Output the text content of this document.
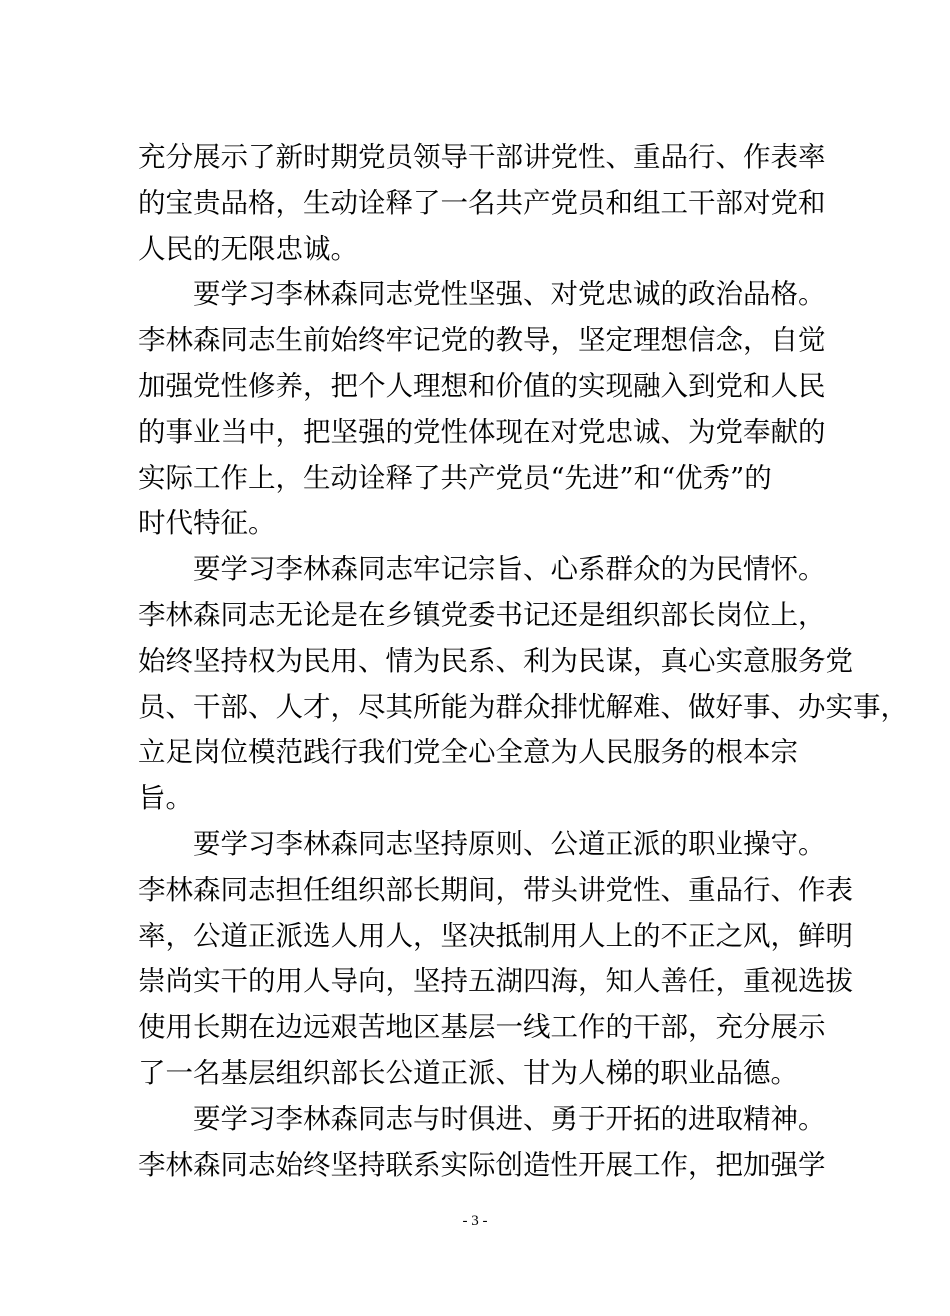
充分展示了新时期党员领导干部讲党性、重品行、作表率
的宝贵品格，生动诠释了一名共产党员和组工干部对党和
人民的无限忠诚。
要学习李林森同志党性坚强、对党忠诚的政治品格。
李林森同志生前始终牢记党的教导，坚定理想信念，自觉
加强党性修养，把个人理想和价值的实现融入到党和人民
的事业当中，把坚强的党性体现在对党忠诚、为党奉献的
实际工作上，生动诠释了共产党员“先进”和“优秀”的
时代特征。
要学习李林森同志牢记宗旨、心系群众的为民情怀。
李林森同志无论是在乡镇党委书记还是组织部长岗位上，
始终坚持权为民用、情为民系、利为民谋，真心实意服务党
员、干部、人才，尽其所能为群众排忧解难、做好事、办实事，
立足岗位模范践行我们党全心全意为人民服务的根本宗
旨。
要学习李林森同志坚持原则、公道正派的职业操守。
李林森同志担任组织部长期间，带头讲党性、重品行、作表
率，公道正派选人用人，坚决抵制用人上的不正之风，鲜明
崇尚实干的用人导向，坚持五湖四海，知人善任，重视选拔
使用长期在边远艰苦地区基层一线工作的干部，充分展示
了一名基层组织部长公道正派、甘为人梯的职业品德。
要学习李林森同志与时俱进、勇于开拓的进取精神。
李林森同志始终坚持联系实际创造性开展工作，把加强学
- 3 -
